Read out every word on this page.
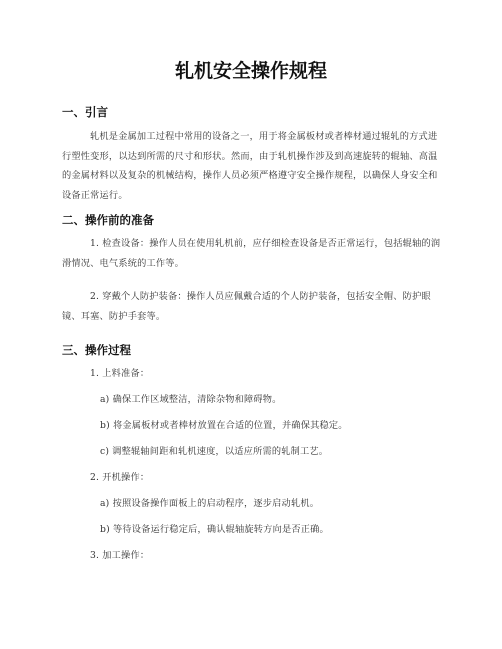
轧机安全操作规程
一、引言

轧机是金属加工过程中常用的设备之一，用于将金属板材或者棒材通过辊轧的方式进行塑性变形，以达到所需的尺寸和形状。然而，由于轧机操作涉及到高速旋转的辊轴、高温的金属材料以及复杂的机械结构，操作人员必须严格遵守安全操作规程，以确保人身安全和设备正常运行。

二、操作前的准备

1. 检查设备：操作人员在使用轧机前，应仔细检查设备是否正常运行，包括辊轴的润滑情况、电气系统的工作等。

2. 穿戴个人防护装备：操作人员应佩戴合适的个人防护装备，包括安全帽、防护眼镜、耳塞、防护手套等。

三、操作过程
1. 上料准备：
a) 确保工作区域整洁，清除杂物和障碍物。
b) 将金属板材或者棒材放置在合适的位置，并确保其稳定。
c) 调整辊轴间距和轧机速度，以适应所需的轧制工艺。
2. 开机操作：
a) 按照设备操作面板上的启动程序，逐步启动轧机。
b) 等待设备运行稳定后，确认辊轴旋转方向是否正确。
3. 加工操作：
